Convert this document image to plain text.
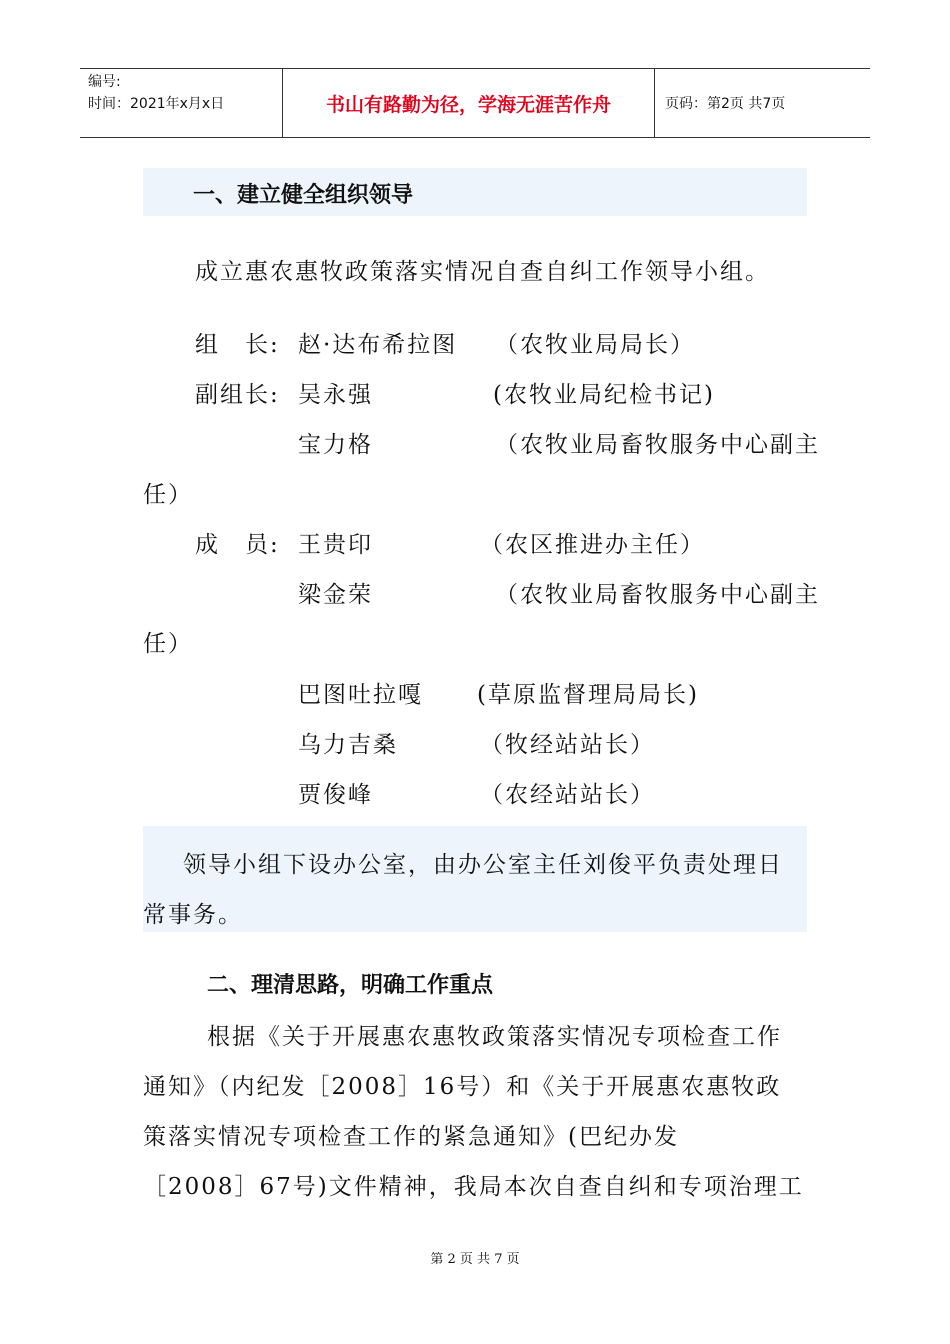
编号:
时间：2021年x月x日	书山有路勤为径，学海无涯苦作舟	页码：第2页 共7页
一、建立健全组织领导
成立惠农惠牧政策落实情况自查自纠工作领导小组。
组　长: 赵·达布希拉图 （农牧业局局长）
副组长: 吴永强	(农牧业局纪检书记)
宝力格	（农牧业局畜牧服务中心副主
任）
成　员: 王贵印	（农区推进办主任）
梁金荣	（农牧业局畜牧服务中心副主
任）
巴图吐拉嘎 (草原监督理局局长)
乌力吉桑	（牧经站站长）
贾俊峰	（农经站站长）
领导小组下设办公室，由办公室主任刘俊平负责处理日
常事务。
二、理清思路，明确工作重点
根据《关于开展惠农惠牧政策落实情况专项检查工作
通知》（内纪发［2008］16号）和《关于开展惠农惠牧政
策落实情况专项检查工作的紧急通知》(巴纪办发
［2008］67号)文件精神，我局本次自查自纠和专项治理工
第 2 页 共 7 页
